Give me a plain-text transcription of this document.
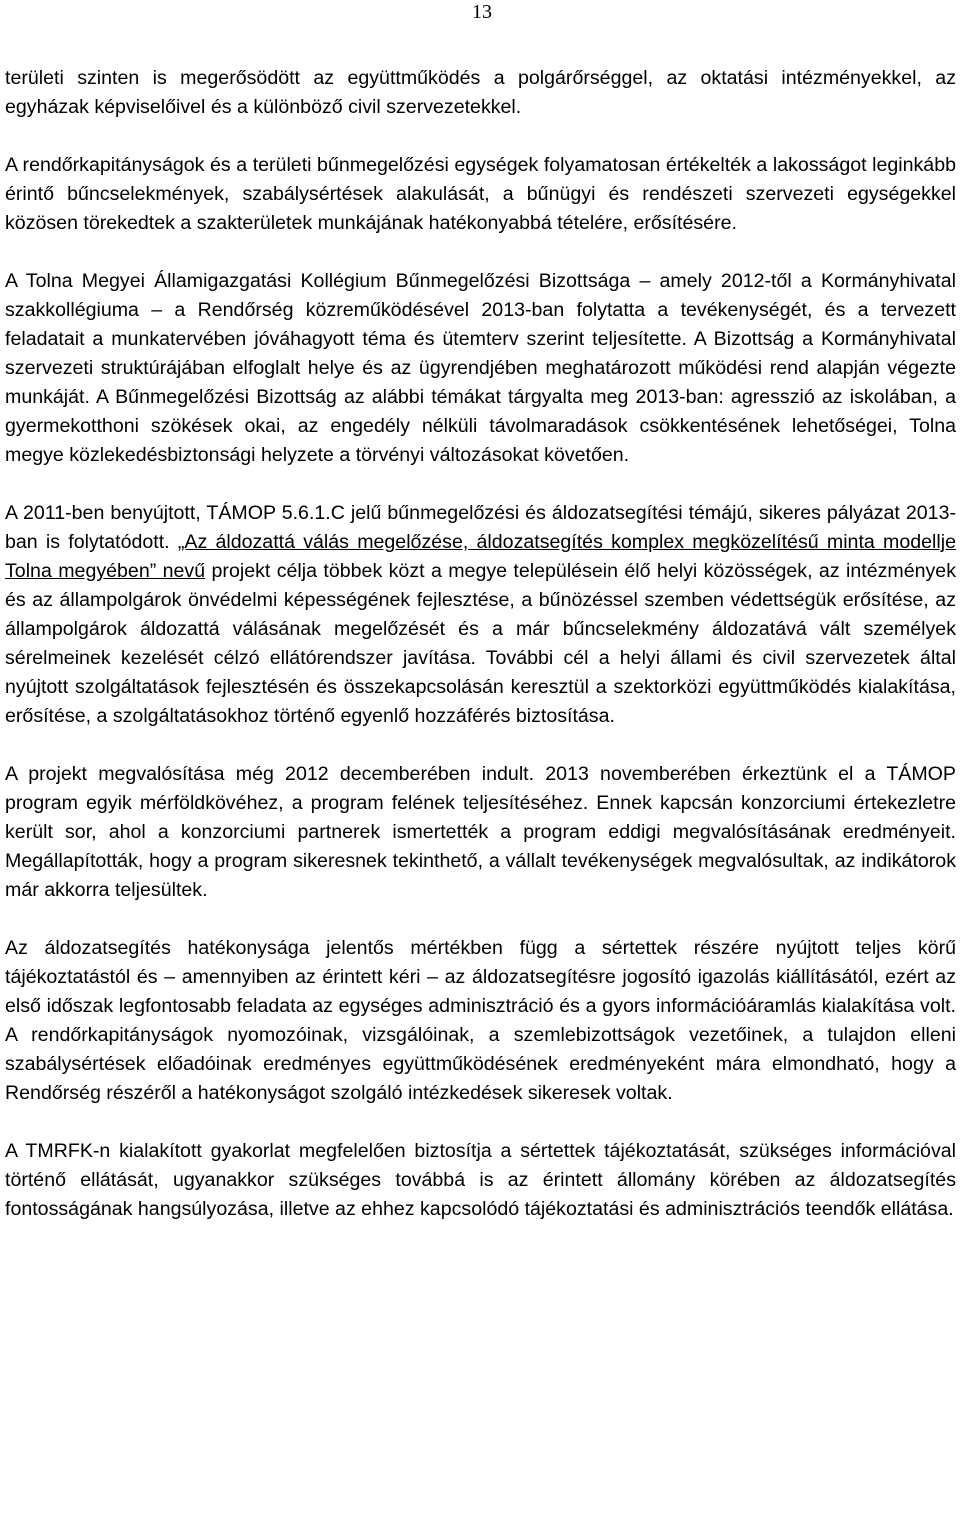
13

területi szinten is megerősödött az együttműködés a polgárőrséggel, az oktatási intézményekkel, az egyházak képviselőivel és a különböző civil szervezetekkel.

A rendőrkapitányságok és a területi bűnmegelőzési egységek folyamatosan értékelték a lakosságot leginkább érintő bűncselekmények, szabálysértések alakulását, a bűnügyi és rendészeti szervezeti egységekkel közösen törekedtek a szakterületek munkájának hatékonyabbá tételére, erősítésére.

A Tolna Megyei Államigazgatási Kollégium Bűnmegelőzési Bizottsága – amely 2012-től a Kormányhivatal szakkollégiuma – a Rendőrség közreműködésével 2013-ban folytatta a tevékenységét, és a tervezett feladatait a munkatervében jóváhagyott téma és ütemterv szerint teljesítette. A Bizottság a Kormányhivatal szervezeti struktúrájában elfoglalt helye és az ügyrendjében meghatározott működési rend alapján végezte munkáját. A Bűnmegelőzési Bizottság az alábbi témákat tárgyalta meg 2013-ban: agresszió az iskolában, a gyermekotthoni szökések okai, az engedély nélküli távolmaradások csökkentésének lehetőségei, Tolna megye közlekedésbiztonsági helyzete a törvényi változásokat követően.

A 2011-ben benyújtott, TÁMOP 5.6.1.C jelű bűnmegelőzési és áldozatsegítési témájú, sikeres pályázat 2013-ban is folytatódott. „Az áldozattá válás megelőzése, áldozatsegítés komplex megközelítésű minta modellje Tolna megyében” nevű projekt célja többek közt a megye településein élő helyi közösségek, az intézmények és az állampolgárok önvédelmi képességének fejlesztése, a bűnözéssel szemben védettségük erősítése, az állampolgárok áldozattá válásának megelőzését és a már bűncselekmény áldozatává vált személyek sérelmeinek kezelését célzó ellátórendszer javítása. További cél a helyi állami és civil szervezetek által nyújtott szolgáltatások fejlesztésén és összekapcsolásán keresztül a szektorközi együttműködés kialakítása, erősítése, a szolgáltatásokhoz történő egyenlő hozzáférés biztosítása.

A projekt megvalósítása még 2012 decemberében indult. 2013 novemberében érkeztünk el a TÁMOP program egyik mérföldkövéhez, a program felének teljesítéséhez. Ennek kapcsán konzorciumi értekezletre került sor, ahol a konzorciumi partnerek ismertették a program eddigi megvalósításának eredményeit. Megállapították, hogy a program sikeresnek tekinthető, a vállalt tevékenységek megvalósultak, az indikátorok már akkorra teljesültek.

Az áldozatsegítés hatékonysága jelentős mértékben függ a sértettek részére nyújtott teljes körű tájékoztatástól és – amennyiben az érintett kéri – az áldozatsegítésre jogosító igazolás kiállításától, ezért az első időszak legfontosabb feladata az egységes adminisztráció és a gyors információáramlás kialakítása volt. A rendőrkapitányságok nyomozóinak, vizsgálóinak, a szemlebizottságok vezetőinek, a tulajdon elleni szabálysértések előadóinak eredményes együttműködésének eredményeként mára elmondható, hogy a Rendőrség részéről a hatékonyságot szolgáló intézkedések sikeresek voltak.

A TMRFK-n kialakított gyakorlat megfelelően biztosítja a sértettek tájékoztatását, szükséges információval történő ellátását, ugyanakkor szükséges továbbá is az érintett állomány körében az áldozatsegítés fontosságának hangsúlyozása, illetve az ehhez kapcsolódó tájékoztatási és adminisztrációs teendők ellátása.
